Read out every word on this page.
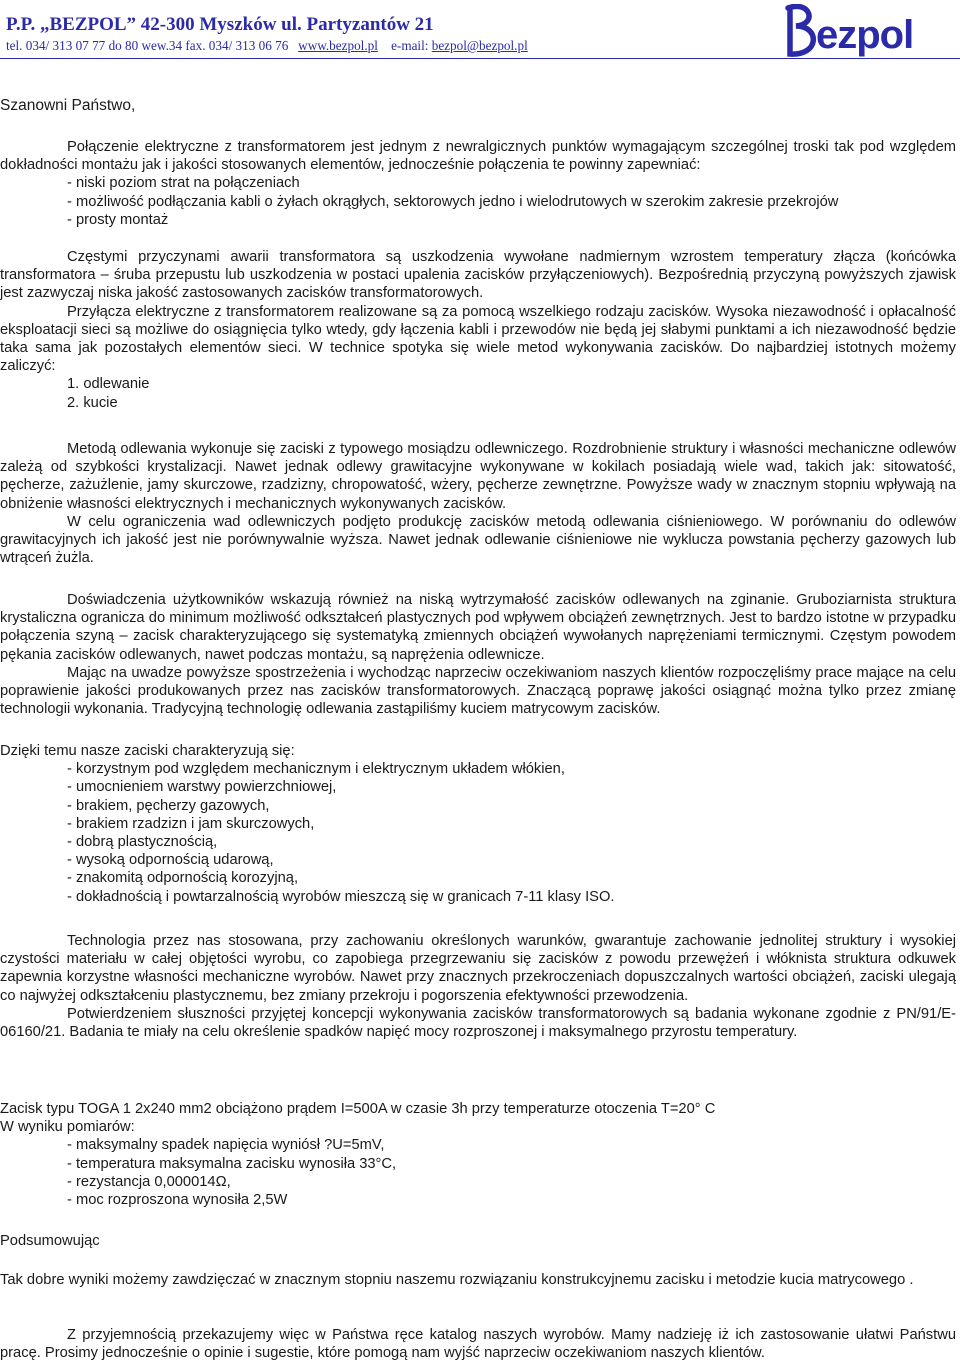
P.P. „BEZPOL” 42-300 Myszków ul. Partyzantów 21
tel. 034/ 313 07 77 do 80 wew.34 fax. 034/ 313 06 76 www.bezpol.pl e-mail: bezpol@bezpol.pl	ezpol
Szanowni Państwo,

Połączenie elektryczne z transformatorem jest jednym z newralgicznych punktów wymagającym szczególnej troski tak pod względem dokładności montażu jak i jakości stosowanych elementów, jednocześnie połączenia te powinny zapewniać:

- niski poziom strat na połączeniach

- możliwość podłączania kabli o żyłach okrągłych, sektorowych jedno i wielodrutowych w szerokim zakresie przekrojów

- prosty montaż

Częstymi przyczynami awarii transformatora są uszkodzenia wywołane nadmiernym wzrostem temperatury złącza (końcówka transformatora – śruba przepustu lub uszkodzenia w postaci upalenia zacisków przyłączeniowych). Bezpośrednią przyczyną powyższych zjawisk jest zazwyczaj niska jakość zastosowanych zacisków transformatorowych.

Przyłącza elektryczne z transformatorem realizowane są za pomocą wszelkiego rodzaju zacisków. Wysoka niezawodność i opłacalność eksploatacji sieci są możliwe do osiągnięcia tylko wtedy, gdy łączenia kabli i przewodów nie będą jej słabymi punktami a ich niezawodność będzie taka sama jak pozostałych elementów sieci. W technice spotyka się wiele metod wykonywania zacisków. Do najbardziej istotnych możemy zaliczyć:

1. odlewanie

2. kucie

Metodą odlewania wykonuje się zaciski z typowego mosiądzu odlewniczego. Rozdrobnienie struktury i własności mechaniczne odlewów zależą od szybkości krystalizacji. Nawet jednak odlewy grawitacyjne wykonywane w kokilach posiadają wiele wad, takich jak: sitowatość, pęcherze, zażużlenie, jamy skurczowe, rzadzizny, chropowatość, wżery, pęcherze zewnętrzne. Powyższe wady w znacznym stopniu wpływają na obniżenie własności elektrycznych i mechanicznych wykonywanych zacisków.

W celu ograniczenia wad odlewniczych podjęto produkcję zacisków metodą odlewania ciśnieniowego. W porównaniu do odlewów grawitacyjnych ich jakość jest nie porównywalnie wyższa. Nawet jednak odlewanie ciśnieniowe nie wyklucza powstania pęcherzy gazowych lub wtrąceń żużla.

Doświadczenia użytkowników wskazują również na niską wytrzymałość zacisków odlewanych na zginanie. Gruboziarnista struktura krystaliczna ogranicza do minimum możliwość odkształceń plastycznych pod wpływem obciążeń zewnętrznych. Jest to bardzo istotne w przypadku połączenia szyną – zacisk charakteryzującego się systematyką zmiennych obciążeń wywołanych naprężeniami termicznymi. Częstym powodem pękania zacisków odlewanych, nawet podczas montażu, są naprężenia odlewnicze.

Mając na uwadze powyższe spostrzeżenia i wychodząc naprzeciw oczekiwaniom naszych klientów rozpoczęliśmy prace mające na celu poprawienie jakości produkowanych przez nas zacisków transformatorowych. Znaczącą poprawę jakości osiągnąć można tylko przez zmianę technologii wykonania. Tradycyjną technologię odlewania zastąpiliśmy kuciem matrycowym zacisków.

Dzięki temu nasze zaciski charakteryzują się:

- korzystnym pod względem mechanicznym i elektrycznym układem włókien,

- umocnieniem warstwy powierzchniowej,

- brakiem, pęcherzy gazowych,

- brakiem rzadzizn i jam skurczowych,

- dobrą plastycznością,

- wysoką odpornością udarową,

- znakomitą odpornością korozyjną,

- dokładnością i powtarzalnością wyrobów mieszczą się w granicach 7-11 klasy ISO.

Technologia przez nas stosowana, przy zachowaniu określonych warunków, gwarantuje zachowanie jednolitej struktury i wysokiej czystości materiału w całej objętości wyrobu, co zapobiega przegrzewaniu się zacisków z powodu przewężeń i włóknista struktura odkuwek zapewnia korzystne własności mechaniczne wyrobów. Nawet przy znacznych przekroczeniach dopuszczalnych wartości obciążeń, zaciski ulegają co najwyżej odkształceniu plastycznemu, bez zmiany przekroju i pogorszenia efektywności przewodzenia.

Potwierdzeniem słuszności przyjętej koncepcji wykonywania zacisków transformatorowych są badania wykonane zgodnie z PN/91/E-06160/21. Badania te miały na celu określenie spadków napięć mocy rozproszonej i maksymalnego przyrostu temperatury.

Zacisk typu TOGA 1 2x240 mm2 obciążono prądem I=500A w czasie 3h przy temperaturze otoczenia T=20° C

W wyniku pomiarów:

- maksymalny spadek napięcia wyniósł ?U=5mV,

- temperatura maksymalna zacisku wynosiła 33°C,

- rezystancja 0,000014Ω,

- moc rozproszona wynosiła 2,5W

Podsumowując

Tak dobre wyniki możemy zawdzięczać w znacznym stopniu naszemu rozwiązaniu konstrukcyjnemu zacisku i metodzie kucia matrycowego .

Z przyjemnością przekazujemy więc w Państwa ręce katalog naszych wyrobów. Mamy nadzieję iż ich zastosowanie ułatwi Państwu pracę. Prosimy jednocześnie o opinie i sugestie, które pomogą nam wyjść naprzeciw oczekiwaniom naszych klientów.
